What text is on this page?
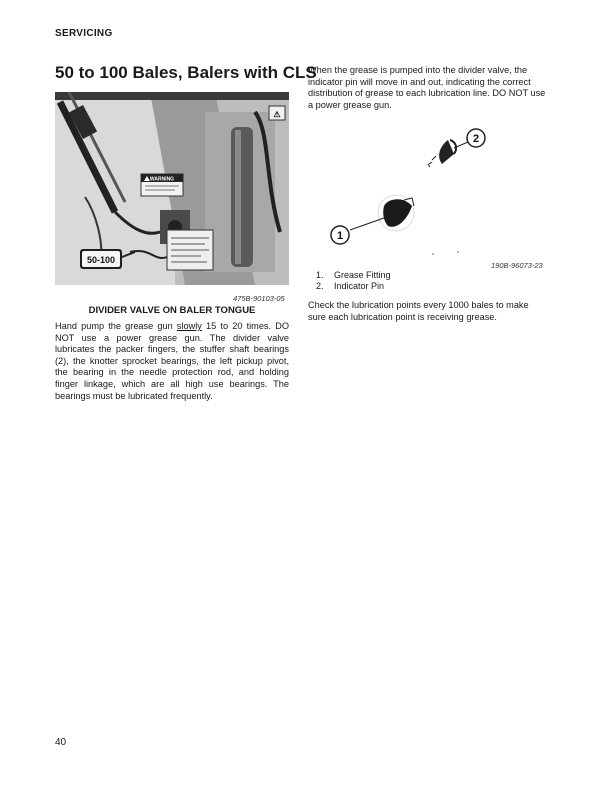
SERVICING
50 to 100 Bales, Balers with CLS
WARNING
50-100
⚠
475B-90103-05
DIVIDER VALVE ON BALER TONGUE

Hand pump the grease gun slowly 15 to 20 times. DO NOT use a power grease gun. The divider valve lubricates the packer fingers, the stuffer shaft bearings (2), the knotter sprocket bearings, the left pickup pivot, the bearing in the needle protection rod, and holding finger linkage, which are all high use bearings. The bearings must be lubricated frequently.

When the grease is pumped into the divider valve, the indicator pin will move in and out, indicating the correct distribution of grease to each lubrication line. DO NOT use a power grease gun.

2
1
190B-96073-23
1.	Grease Fitting
2.	Indicator Pin

Check the lubrication points every 1000 bales to make sure each lubrication point is receiving grease.

40
